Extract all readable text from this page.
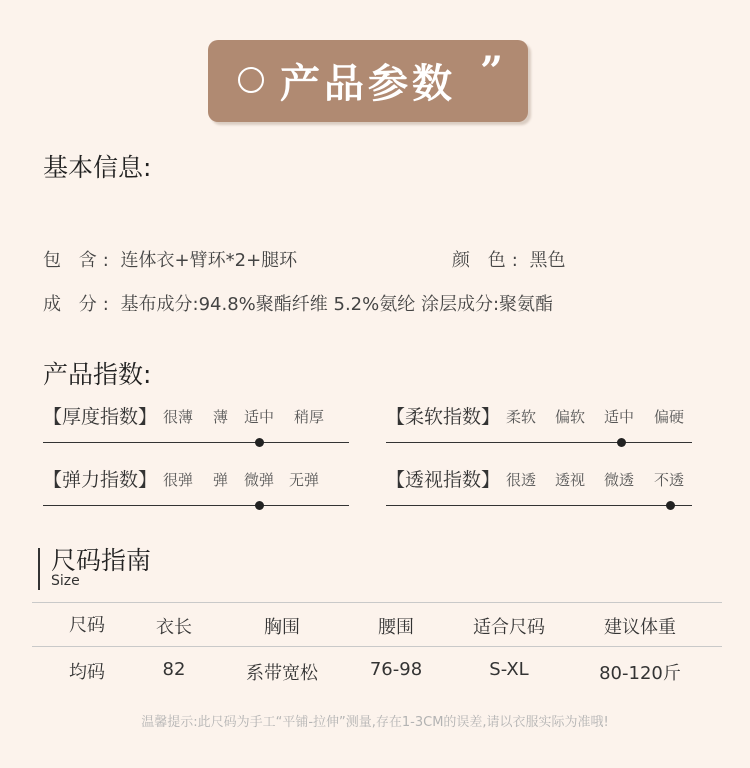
产品参数 ”
基本信息:
包 含: 连体衣+臂环*2+腿环	颜 色: 黑色
成 分: 基布成分:94.8%聚酯纤维 5.2%氨纶 涂层成分:聚氨酯
产品指数:
【厚度指数】 很薄 薄 适中 稍厚	【柔软指数】 柔软 偏软 适中 偏硬
【弹力指数】 很弹 弹 微弹 无弹	【透视指数】 很透 透视 微透 不透
尺码指南
Size
尺码	衣长	胸围	腰围	适合尺码	建议体重
均码	82	系带宽松	76-98	S-XL	80-120斤
温馨提示:此尺码为手工“平铺-拉伸”测量,存在1-3CM的误差,请以衣服实际为准哦!
